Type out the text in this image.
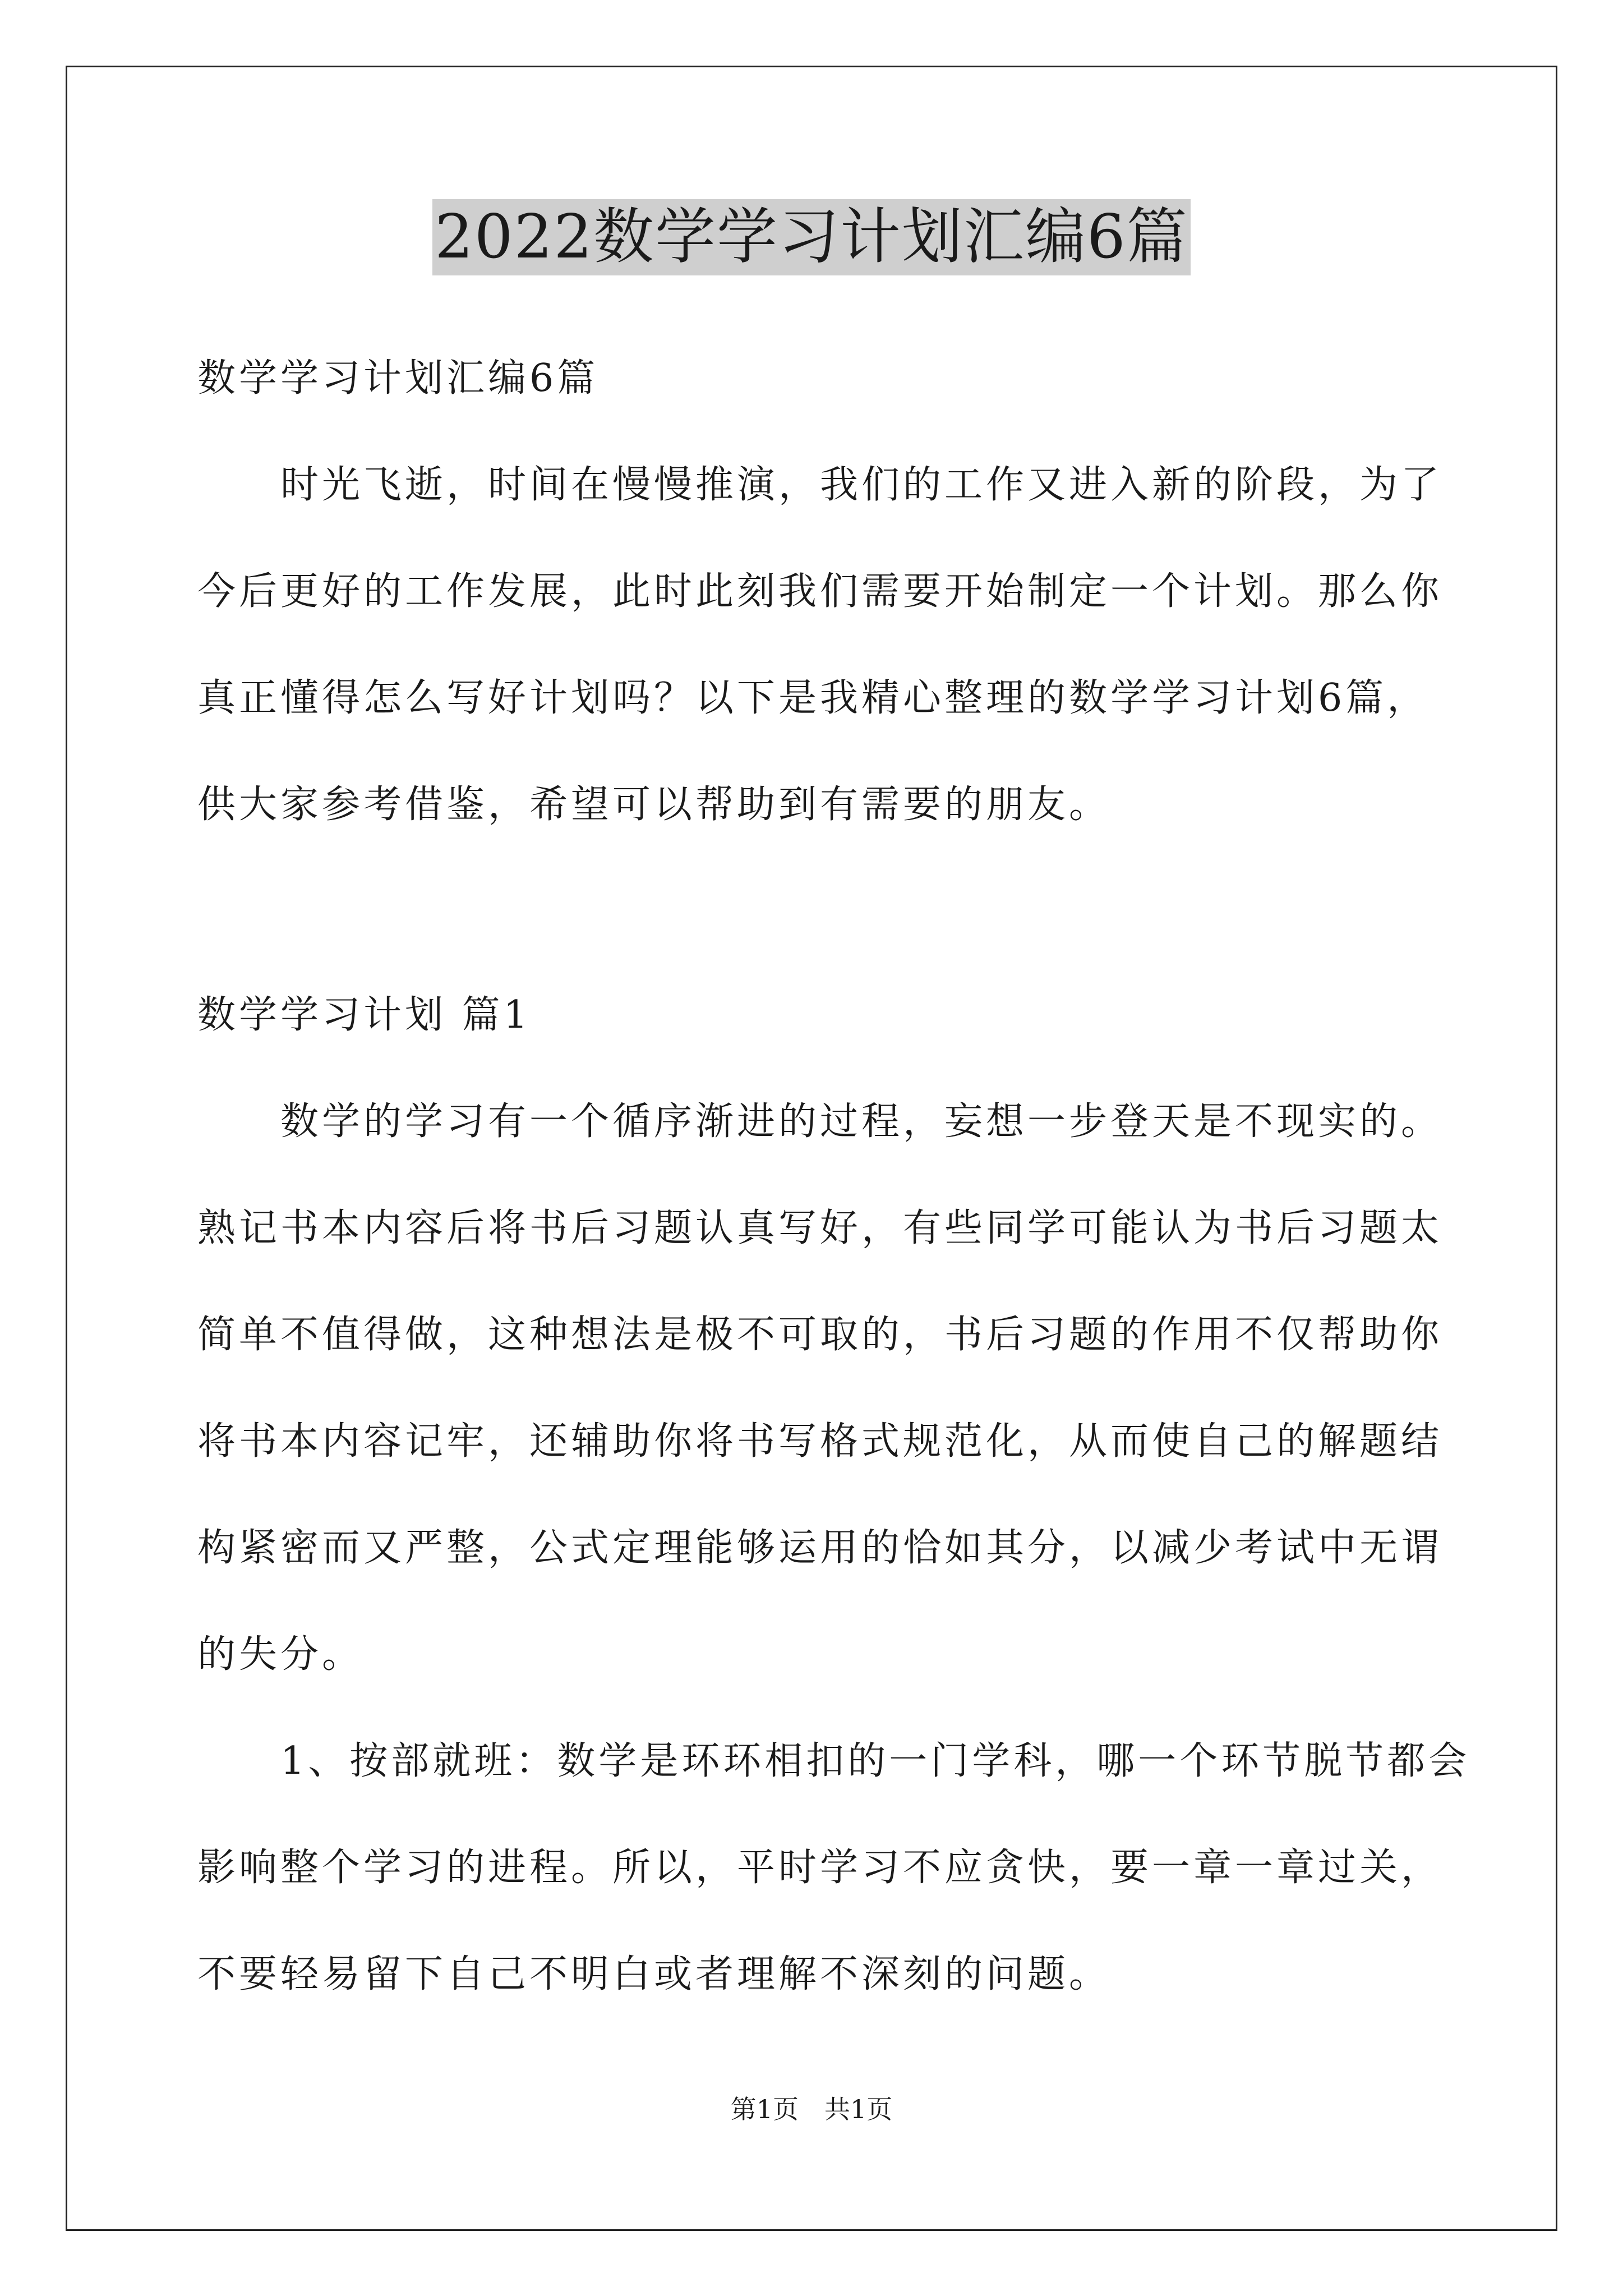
2022数学学习计划汇编6篇
数学学习计划汇编6篇
时光飞逝，时间在慢慢推演，我们的工作又进入新的阶段，为了
今后更好的工作发展，此时此刻我们需要开始制定一个计划。那么你
真正懂得怎么写好计划吗？以下是我精心整理的数学学习计划6篇，
供大家参考借鉴，希望可以帮助到有需要的朋友。
数学学习计划 篇1
数学的学习有一个循序渐进的过程，妄想一步登天是不现实的。
熟记书本内容后将书后习题认真写好，有些同学可能认为书后习题太
简单不值得做，这种想法是极不可取的，书后习题的作用不仅帮助你
将书本内容记牢，还辅助你将书写格式规范化，从而使自己的解题结
构紧密而又严整，公式定理能够运用的恰如其分，以减少考试中无谓
的失分。
1、按部就班：数学是环环相扣的一门学科，哪一个环节脱节都会
影响整个学习的进程。所以，平时学习不应贪快，要一章一章过关，
不要轻易留下自己不明白或者理解不深刻的问题。
第1页　共1页
